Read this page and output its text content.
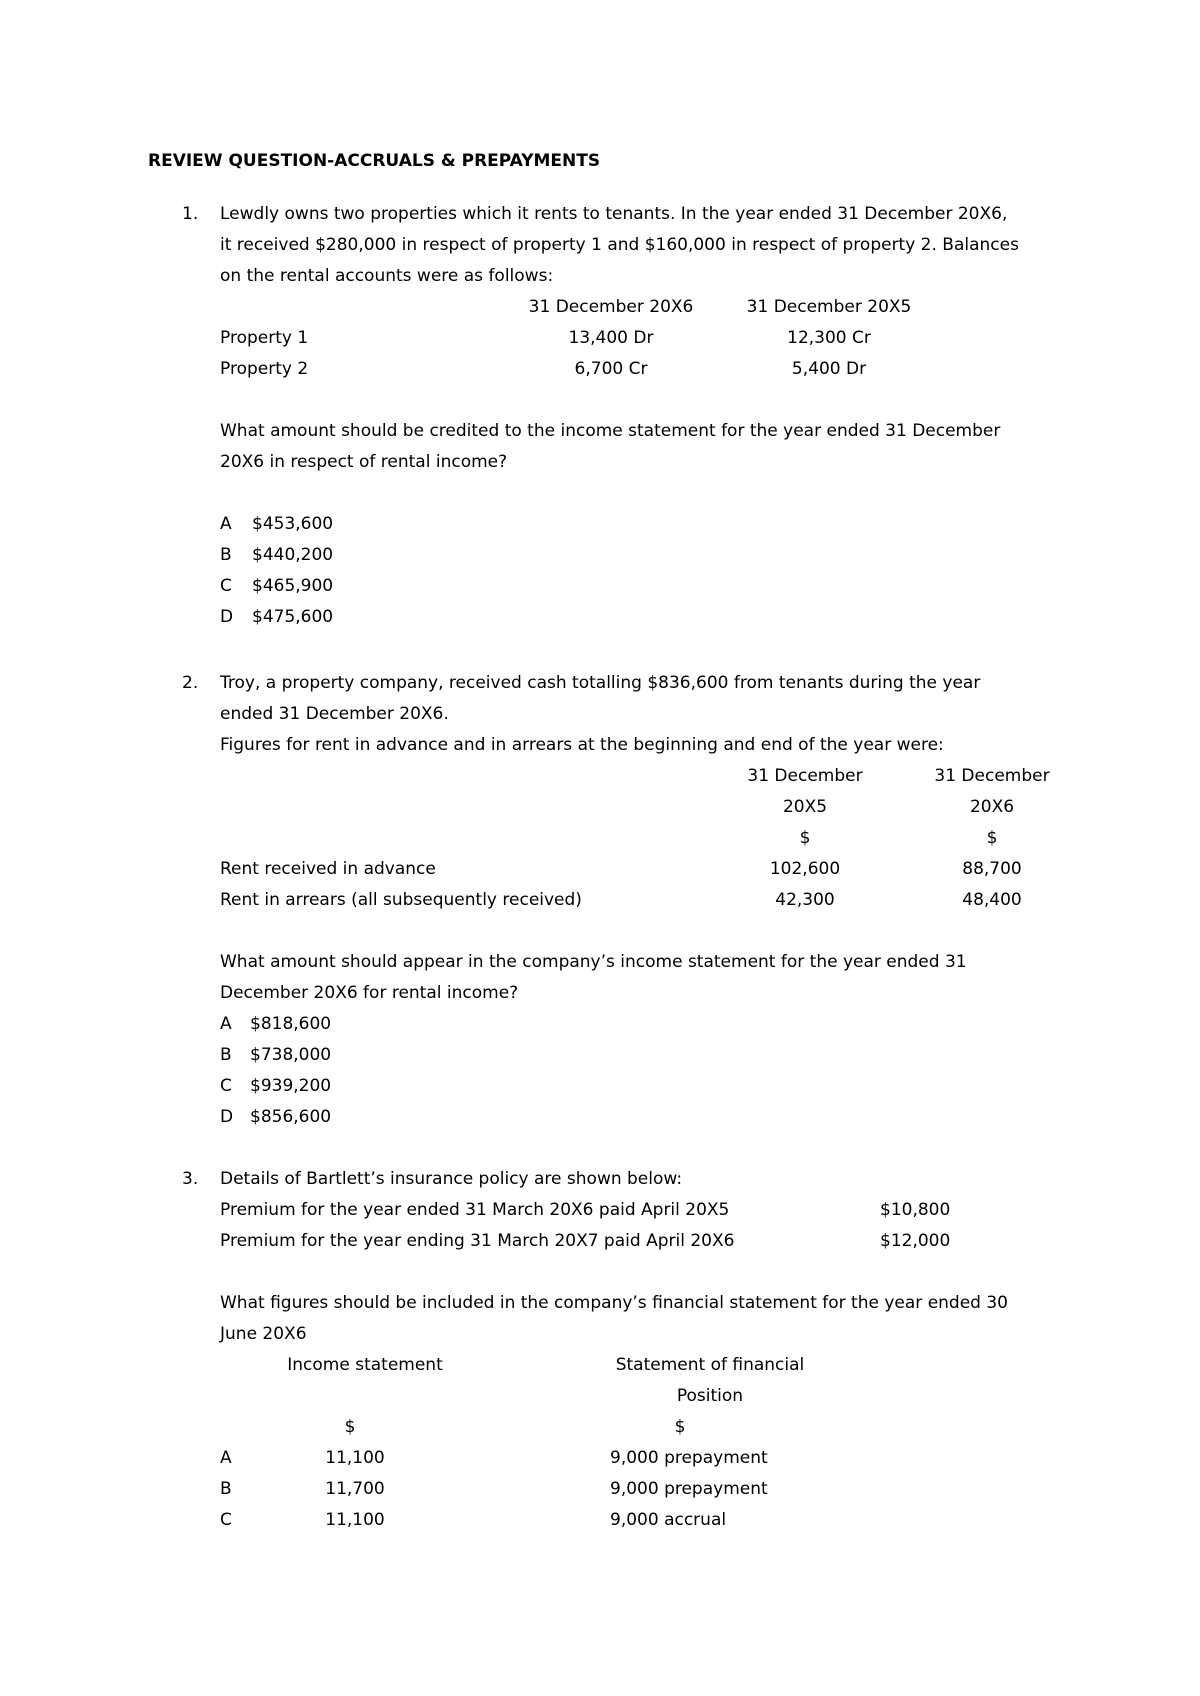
REVIEW QUESTION-ACCRUALS & PREPAYMENTS
1. Lewdly owns two properties which it rents to tenants. In the year ended 31 December 20X6,
it received $280,000 in respect of property 1 and $160,000 in respect of property 2. Balances
on the rental accounts were as follows:
31 December 20X6	31 December 20X5
Property 1	13,400 Dr	12,300 Cr
Property 2	6,700 Cr	5,400 Dr
What amount should be credited to the income statement for the year ended 31 December
20X6 in respect of rental income?
A $453,600
B $440,200
C $465,900
D $475,600
2. Troy, a property company, received cash totalling $836,600 from tenants during the year
ended 31 December 20X6.
Figures for rent in advance and in arrears at the beginning and end of the year were:
31 December	31 December
20X5	20X6
$	$
Rent received in advance	102,600	88,700
Rent in arrears (all subsequently received)	42,300	48,400
What amount should appear in the company’s income statement for the year ended 31
December 20X6 for rental income?
A $818,600
B $738,000
C $939,200
D $856,600
3. Details of Bartlett’s insurance policy are shown below:
Premium for the year ended 31 March 20X6 paid April 20X5	$10,800
Premium for the year ending 31 March 20X7 paid April 20X6	$12,000
What figures should be included in the company’s financial statement for the year ended 30
June 20X6
Income statement	Statement of financial
Position
$	$
A	11,100	9,000 prepayment
B	11,700	9,000 prepayment
C	11,100	9,000 accrual
